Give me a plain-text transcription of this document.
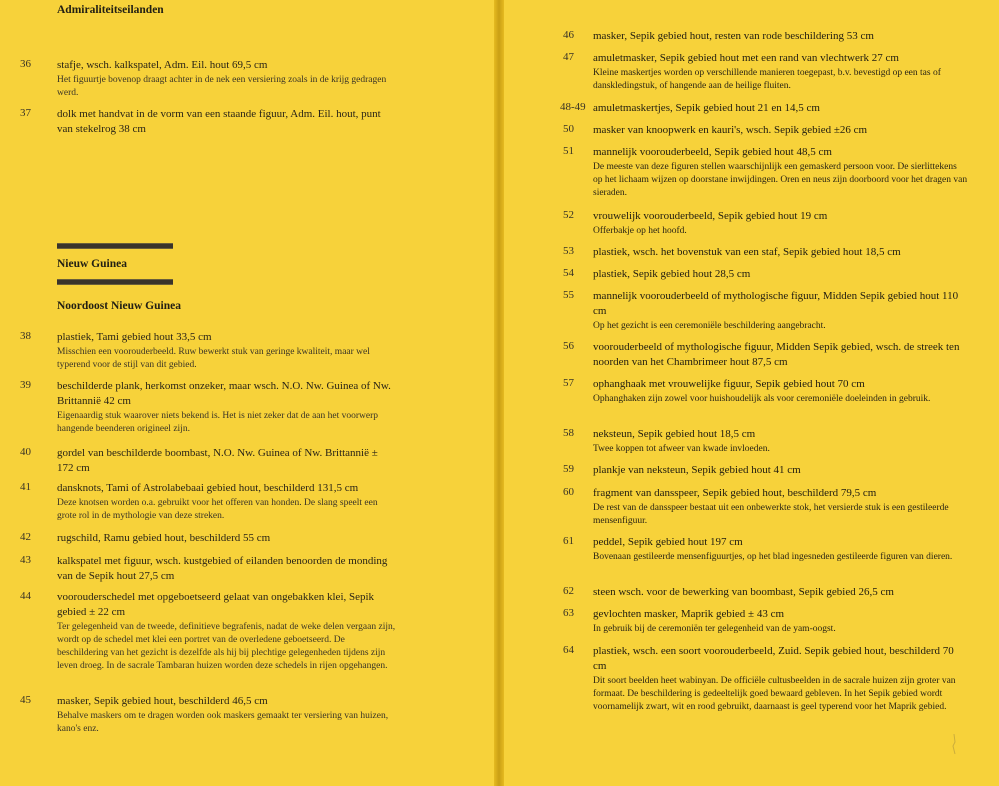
Admiraliteitseilanden
36 stafje, wsch. kalkspatel, Adm. Eil. hout 69,5 cm
Het figuurtje bovenop draagt achter in de nek een versiering zoals in de krijg gedragen werd.
37 dolk met handvat in de vorm van een staande figuur, Adm. Eil. hout, punt van stekelrog 38 cm
Nieuw Guinea
Noordoost Nieuw Guinea
38 plastiek, Tami gebied hout 33,5 cm
Misschien een voorouderbeeld. Ruw bewerkt stuk van geringe kwaliteit, maar wel typerend voor de stijl van dit gebied.
39 beschilderde plank, herkomst onzeker, maar wsch. N.O. Nw. Guinea of Nw. Brittannië 42 cm
Eigenaardig stuk waarover niets bekend is. Het is niet zeker dat de aan het voorwerp hangende beenderen origineel zijn.
40 gordel van beschilderde boombast, N.O. Nw. Guinea of Nw. Brittannië ± 172 cm
41 dansknots, Tami of Astrolabebaai gebied hout, beschilderd 131,5 cm
Deze knotsen worden o.a. gebruikt voor het offeren van honden. De slang speelt een grote rol in de mythologie van deze streken.
42 rugschild, Ramu gebied hout, beschilderd 55 cm
43 kalkspatel met figuur, wsch. kustgebied of eilanden benoorden de monding van de Sepik hout 27,5 cm
44 voorouderschedel met opgeboetseerd gelaat van ongebakken klei, Sepik gebied ± 22 cm
Ter gelegenheid van de tweede, definitieve begrafenis, nadat de weke delen vergaan zijn, wordt op de schedel met klei een portret van de overledene geboetseerd. De beschildering van het gezicht is dezelfde als hij bij plechtige gelegenheden tijdens zijn leven droeg. In de sacrale Tambaran huizen worden deze schedels in rijen opgehangen.
45 masker, Sepik gebied hout, beschilderd 46,5 cm
Behalve maskers om te dragen worden ook maskers gemaakt ter versiering van huizen, kano's enz.
46 masker, Sepik gebied hout, resten van rode beschildering 53 cm
47 amuletmasker, Sepik gebied hout met een rand van vlechtwerk 27 cm
Kleine maskertjes worden op verschillende manieren toegepast, b.v. bevestigd op een tas of danskledingstuk, of hangende aan de heilige fluiten.
48-49 amuletmaskertjes, Sepik gebied hout 21 en 14,5 cm
50 masker van knoopwerk en kauri's, wsch. Sepik gebied ±26 cm
51 mannelijk voorouderbeeld, Sepik gebied hout 48,5 cm
De meeste van deze figuren stellen waarschijnlijk een gemaskerd persoon voor. De sierlittekens op het lichaam wijzen op doorstane inwijdingen. Oren en neus zijn doorboord voor het dragen van sieraden.
52 vrouwelijk voorouderbeeld, Sepik gebied hout 19 cm
Offerbakje op het hoofd.
53 plastiek, wsch. het bovenstuk van een staf, Sepik gebied hout 18,5 cm
54 plastiek, Sepik gebied hout 28,5 cm
55 mannelijk voorouderbeeld of mythologische figuur, Midden Sepik gebied hout 110 cm
Op het gezicht is een ceremoniële beschildering aangebracht.
56 voorouderbeeld of mythologische figuur, Midden Sepik gebied, wsch. de streek ten noorden van het Chambrimeer hout 87,5 cm
57 ophanghaak met vrouwelijke figuur, Sepik gebied hout 70 cm
Ophanghaken zijn zowel voor huishoudelijk als voor ceremoniële doeleinden in gebruik.
58 neksteun, Sepik gebied hout 18,5 cm
Twee koppen tot afweer van kwade invloeden.
59 plankje van neksteun, Sepik gebied hout 41 cm
60 fragment van dansspeer, Sepik gebied hout, beschilderd 79,5 cm
De rest van de dansspeer bestaat uit een onbewerkte stok, het versierde stuk is een gestileerde mensenfiguur.
61 peddel, Sepik gebied hout 197 cm
Bovenaan gestileerde mensenfiguurtjes, op het blad ingesneden gestileerde figuren van dieren.
62 steen wsch. voor de bewerking van boombast, Sepik gebied 26,5 cm
63 gevlochten masker, Maprik gebied ± 43 cm
In gebruik bij de ceremoniën ter gelegenheid van de yam-oogst.
64 plastiek, wsch. een soort voorouderbeeld, Zuid. Sepik gebied hout, beschilderd 70 cm
Dit soort beelden heet wabinyan. De officiële cultusbeelden in de sacrale huizen zijn groter van formaat. De beschildering is gedeeltelijk goed bewaard gebleven. In het Sepik gebied wordt voornamelijk zwart, wit en rood gebruikt, daarnaast is geel typerend voor het Maprik gebied.
